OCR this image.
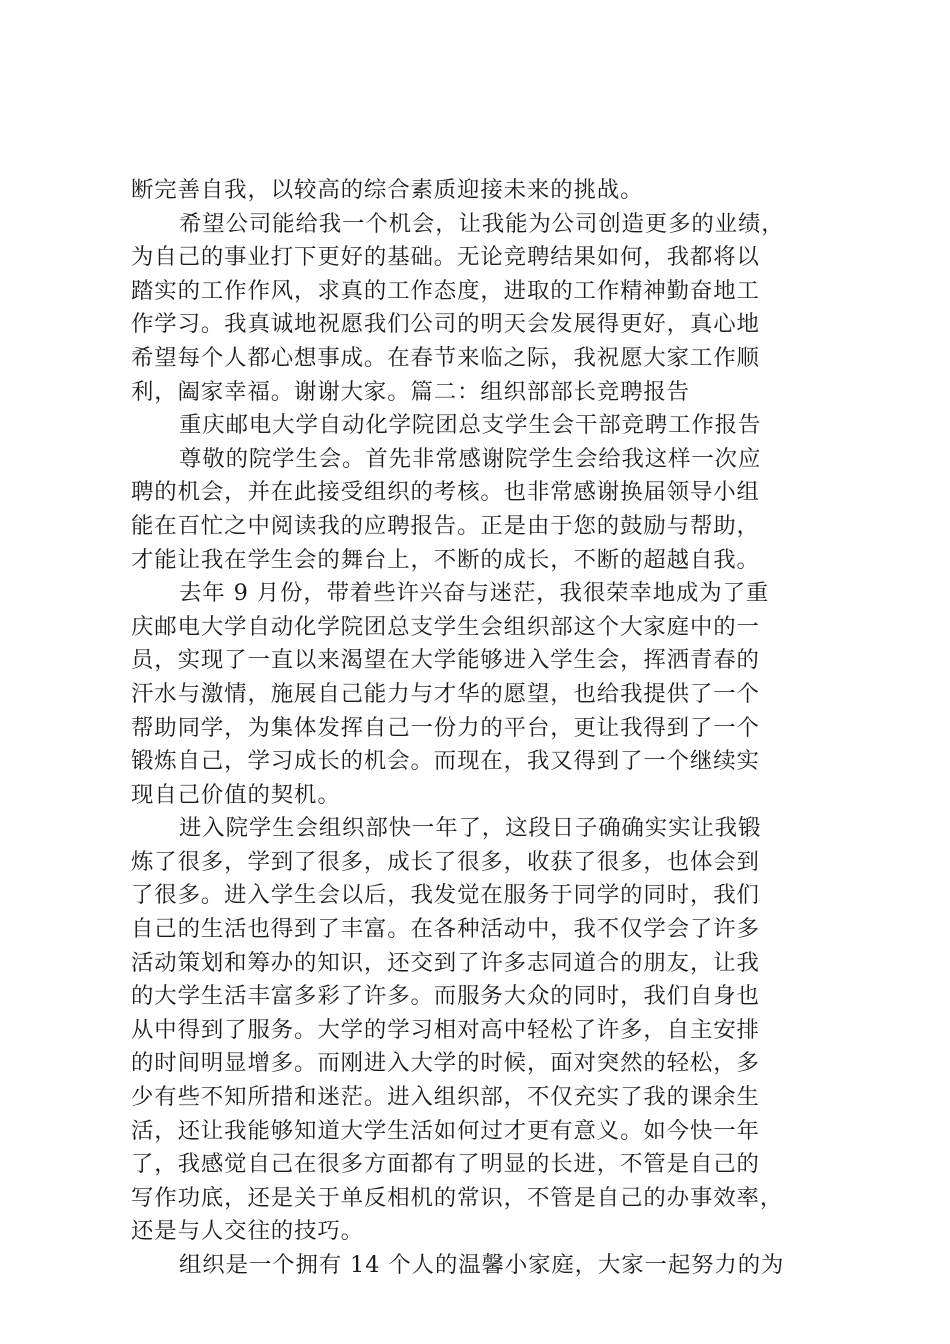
断完善自我，以较高的综合素质迎接未来的挑战。
希望公司能给我一个机会，让我能为公司创造更多的业绩，
为自己的事业打下更好的基础。无论竞聘结果如何，我都将以
踏实的工作作风，求真的工作态度，进取的工作精神勤奋地工
作学习。我真诚地祝愿我们公司的明天会发展得更好，真心地
希望每个人都心想事成。在春节来临之际，我祝愿大家工作顺
利，阖家幸福。谢谢大家。篇二：组织部部长竞聘报告
重庆邮电大学自动化学院团总支学生会干部竞聘工作报告
尊敬的院学生会。首先非常感谢院学生会给我这样一次应
聘的机会，并在此接受组织的考核。也非常感谢换届领导小组
能在百忙之中阅读我的应聘报告。正是由于您的鼓励与帮助，
才能让我在学生会的舞台上，不断的成长，不断的超越自我。
去年 9 月份，带着些许兴奋与迷茫，我很荣幸地成为了重
庆邮电大学自动化学院团总支学生会组织部这个大家庭中的一
员，实现了一直以来渴望在大学能够进入学生会，挥洒青春的
汗水与激情，施展自己能力与才华的愿望，也给我提供了一个
帮助同学，为集体发挥自己一份力的平台，更让我得到了一个
锻炼自己，学习成长的机会。而现在，我又得到了一个继续实
现自己价值的契机。
进入院学生会组织部快一年了，这段日子确确实实让我锻
炼了很多，学到了很多，成长了很多，收获了很多，也体会到
了很多。进入学生会以后，我发觉在服务于同学的同时，我们
自己的生活也得到了丰富。在各种活动中，我不仅学会了许多
活动策划和筹办的知识，还交到了许多志同道合的朋友，让我
的大学生活丰富多彩了许多。而服务大众的同时，我们自身也
从中得到了服务。大学的学习相对高中轻松了许多，自主安排
的时间明显增多。而刚进入大学的时候，面对突然的轻松，多
少有些不知所措和迷茫。进入组织部，不仅充实了我的课余生
活，还让我能够知道大学生活如何过才更有意义。如今快一年
了，我感觉自己在很多方面都有了明显的长进，不管是自己的
写作功底，还是关于单反相机的常识，不管是自己的办事效率，
还是与人交往的技巧。
组织是一个拥有 14 个人的温馨小家庭，大家一起努力的为
